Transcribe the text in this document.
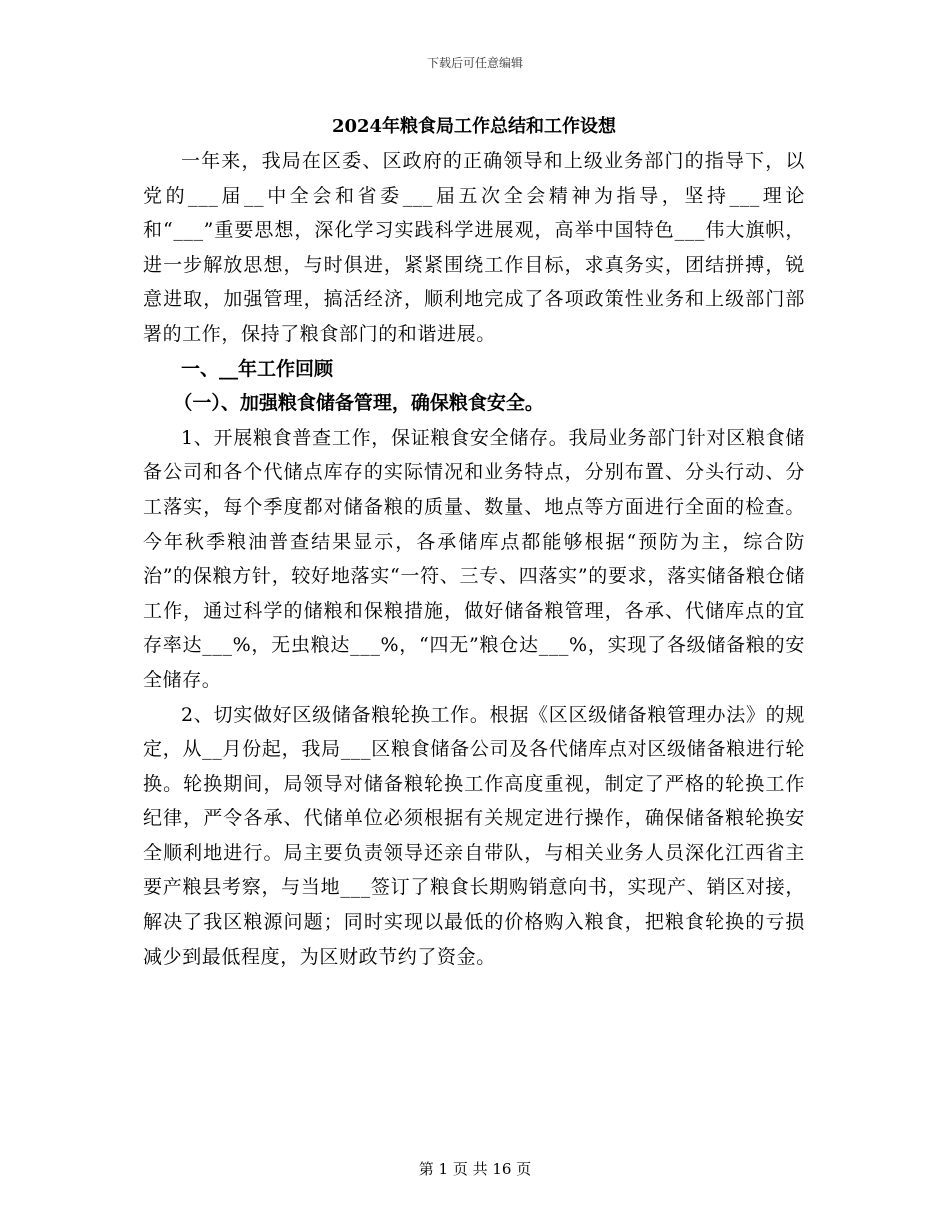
下载后可任意编辑
2024年粮食局工作总结和工作设想

一年来，我局在区委、区政府的正确领导和上级业务部门的指导下，以党的___届__中全会和省委___届五次全会精神为指导，坚持___理论和“___”重要思想，深化学习实践科学进展观，高举中国特色___伟大旗帜，进一步解放思想，与时俱进，紧紧围绕工作目标，求真务实，团结拼搏，锐意进取，加强管理，搞活经济，顺利地完成了各项政策性业务和上级部门部署的工作，保持了粮食部门的和谐进展。

一、__年工作回顾

（一）、加强粮食储备管理，确保粮食安全。

1、开展粮食普查工作，保证粮食安全储存。我局业务部门针对区粮食储备公司和各个代储点库存的实际情况和业务特点，分别布置、分头行动、分工落实，每个季度都对储备粮的质量、数量、地点等方面进行全面的检查。今年秋季粮油普查结果显示，各承储库点都能够根据“预防为主，综合防治”的保粮方针，较好地落实“一符、三专、四落实”的要求，落实储备粮仓储工作，通过科学的储粮和保粮措施，做好储备粮管理，各承、代储库点的宜存率达___%，无虫粮达___%，“四无”粮仓达___%，实现了各级储备粮的安全储存。

2、切实做好区级储备粮轮换工作。根据《区区级储备粮管理办法》的规定，从__月份起，我局___区粮食储备公司及各代储库点对区级储备粮进行轮换。轮换期间，局领导对储备粮轮换工作高度重视，制定了严格的轮换工作纪律，严令各承、代储单位必须根据有关规定进行操作，确保储备粮轮换安全顺利地进行。局主要负责领导还亲自带队，与相关业务人员深化江西省主要产粮县考察，与当地___签订了粮食长期购销意向书，实现产、销区对接，解决了我区粮源问题；同时实现以最低的价格购入粮食，把粮食轮换的亏损减少到最低程度，为区财政节约了资金。

第 1 页 共 16 页
